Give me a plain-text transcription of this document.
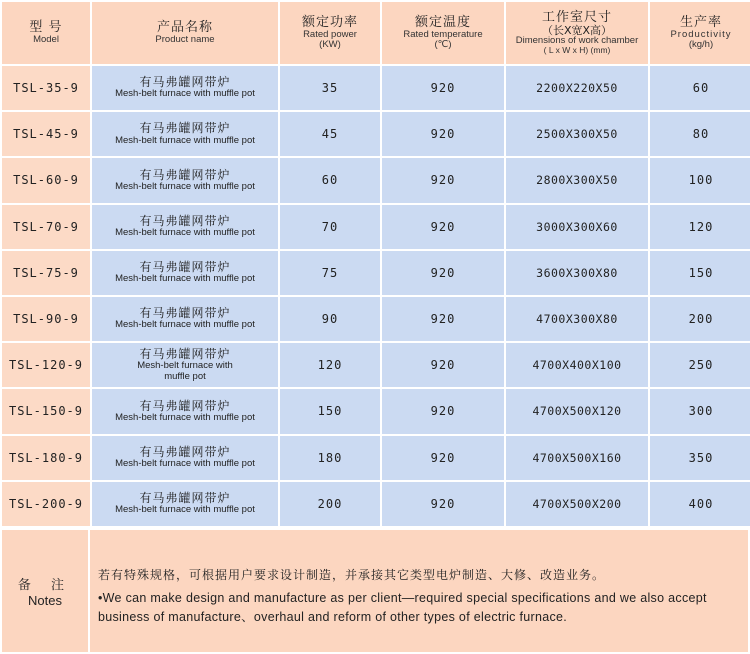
型 号
Model	产品名称
Product name	额定功率
Rated power
(KW)	额定温度
Rated temperature
(℃)	工作室尺寸
（长X宽X高）
Dimensions of work chamber
( L x W x H) (mm)	生产率
Productivity
(kg/h)

TSL-35-9	有马弗罐网带炉
Mesh-belt furnace with muffle pot	35	920	2200X220X50	60
TSL-45-9	有马弗罐网带炉
Mesh-belt furnace with muffle pot	45	920	2500X300X50	80
TSL-60-9	有马弗罐网带炉
Mesh-belt furnace with muffle pot	60	920	2800X300X50	100
TSL-70-9	有马弗罐网带炉
Mesh-belt furnace with muffle pot	70	920	3000X300X60	120
TSL-75-9	有马弗罐网带炉
Mesh-belt furnace with muffle pot	75	920	3600X300X80	150
TSL-90-9	有马弗罐网带炉
Mesh-belt furnace with muffle pot	90	920	4700X300X80	200
TSL-120-9	有马弗罐网带炉
Mesh-belt furnace with
muffle pot	120	920	4700X400X100	250
TSL-150-9	有马弗罐网带炉
Mesh-belt furnace with muffle pot	150	920	4700X500X120	300
TSL-180-9	有马弗罐网带炉
Mesh-belt furnace with muffle pot	180	920	4700X500X160	350
TSL-200-9	有马弗罐网带炉
Mesh-belt furnace with muffle pot	200	920	4700X500X200	400
备 注
Notes

若有特殊规格，可根据用户要求设计制造，并承接其它类型电炉制造、大修、改造业务。

•We can make design and manufacture as per client—required special specifications and we also accept business of manufacture、overhaul and reform of other types of electric furnace.
